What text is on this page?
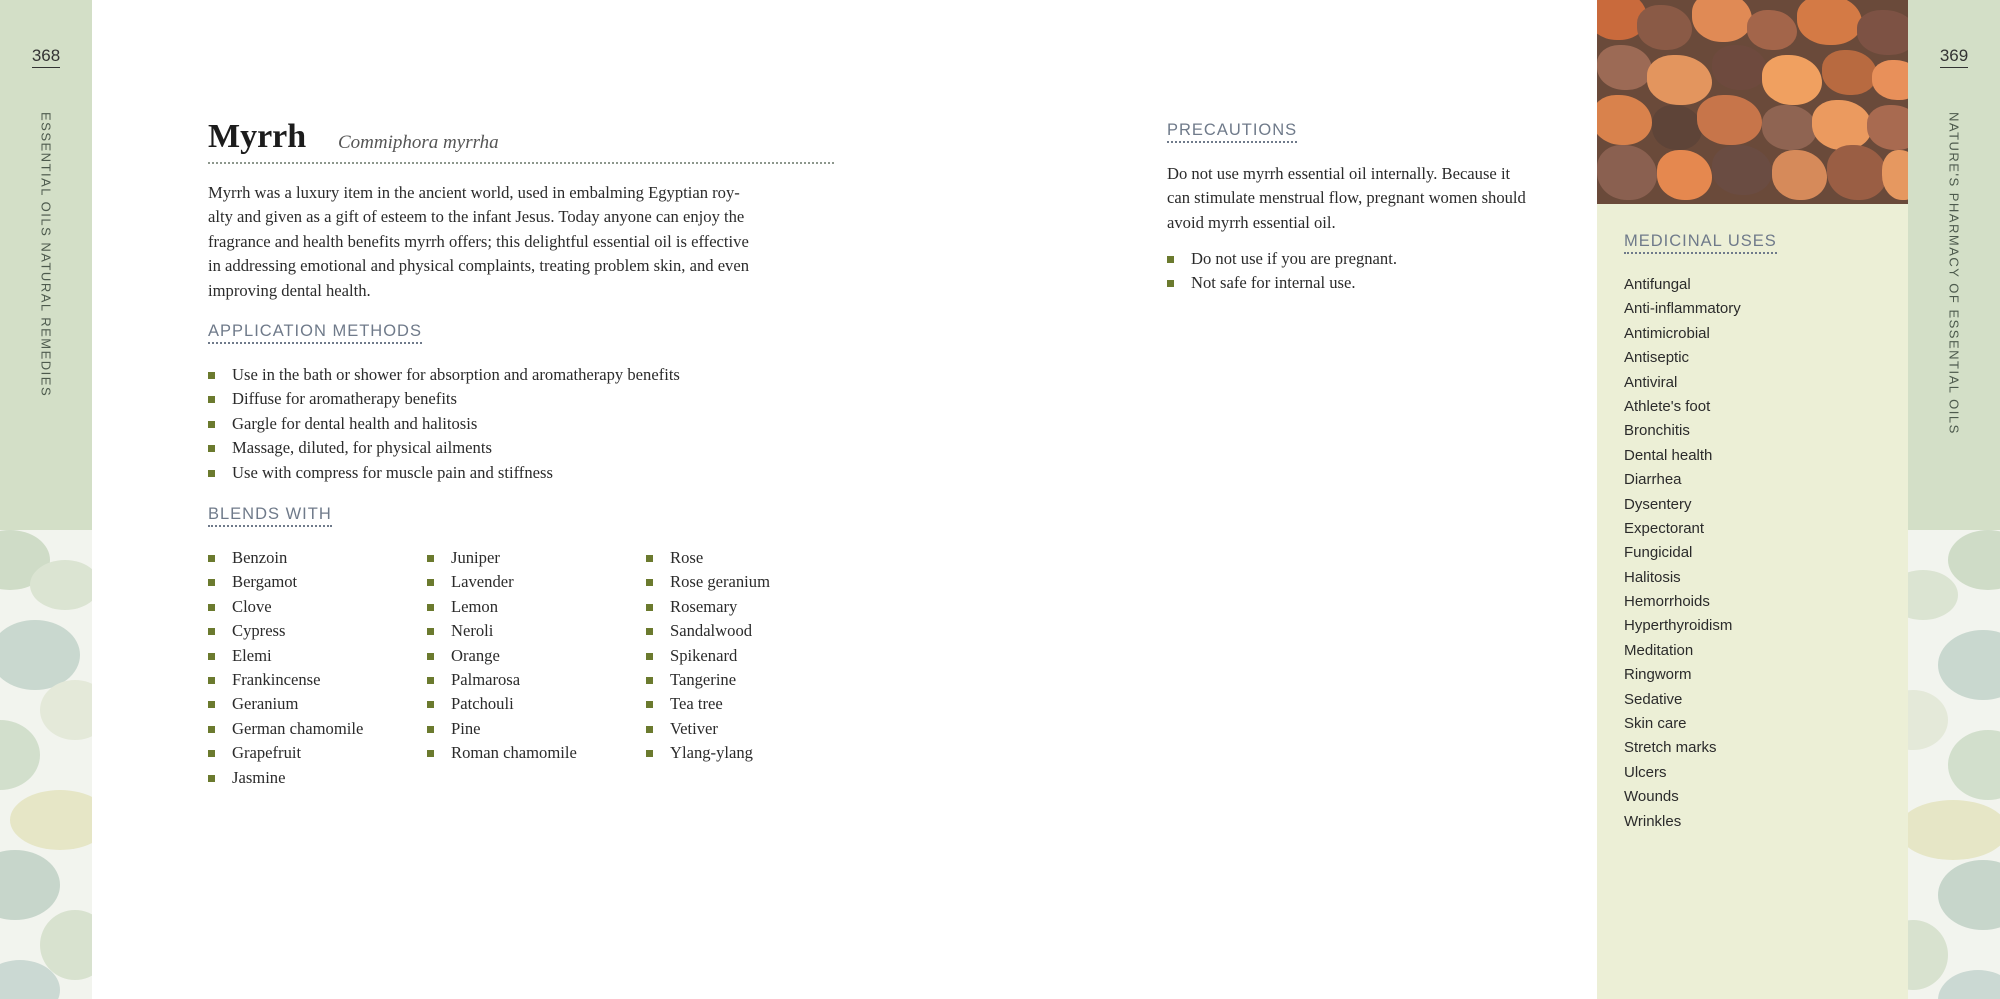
368
ESSENTIAL OILS NATURAL REMEDIES
369
NATURE'S PHARMACY OF ESSENTIAL OILS
Myrrh Commiphora myrrha
Myrrh was a luxury item in the ancient world, used in embalming Egyptian roy-
alty and given as a gift of esteem to the infant Jesus. Today anyone can enjoy the
fragrance and health benefits myrrh offers; this delightful essential oil is effective
in addressing emotional and physical complaints, treating problem skin, and even
improving dental health.
APPLICATION METHODS
Use in the bath or shower for absorption and aromatherapy benefits
Diffuse for aromatherapy benefits
Gargle for dental health and halitosis
Massage, diluted, for physical ailments
Use with compress for muscle pain and stiffness
BLENDS WITH
Benzoin
Bergamot
Clove
Cypress
Elemi
Frankincense
Geranium
German chamomile
Grapefruit
Jasmine
Juniper
Lavender
Lemon
Neroli
Orange
Palmarosa
Patchouli
Pine
Roman chamomile
Rose
Rose geranium
Rosemary
Sandalwood
Spikenard
Tangerine
Tea tree
Vetiver
Ylang-ylang
PRECAUTIONS
Do not use myrrh essential oil internally. Because it
can stimulate menstrual flow, pregnant women should
avoid myrrh essential oil.
Do not use if you are pregnant.
Not safe for internal use.
MEDICINAL USES
Antifungal
Anti-inflammatory
Antimicrobial
Antiseptic
Antiviral
Athlete's foot
Bronchitis
Dental health
Diarrhea
Dysentery
Expectorant
Fungicidal
Halitosis
Hemorrhoids
Hyperthyroidism
Meditation
Ringworm
Sedative
Skin care
Stretch marks
Ulcers
Wounds
Wrinkles
